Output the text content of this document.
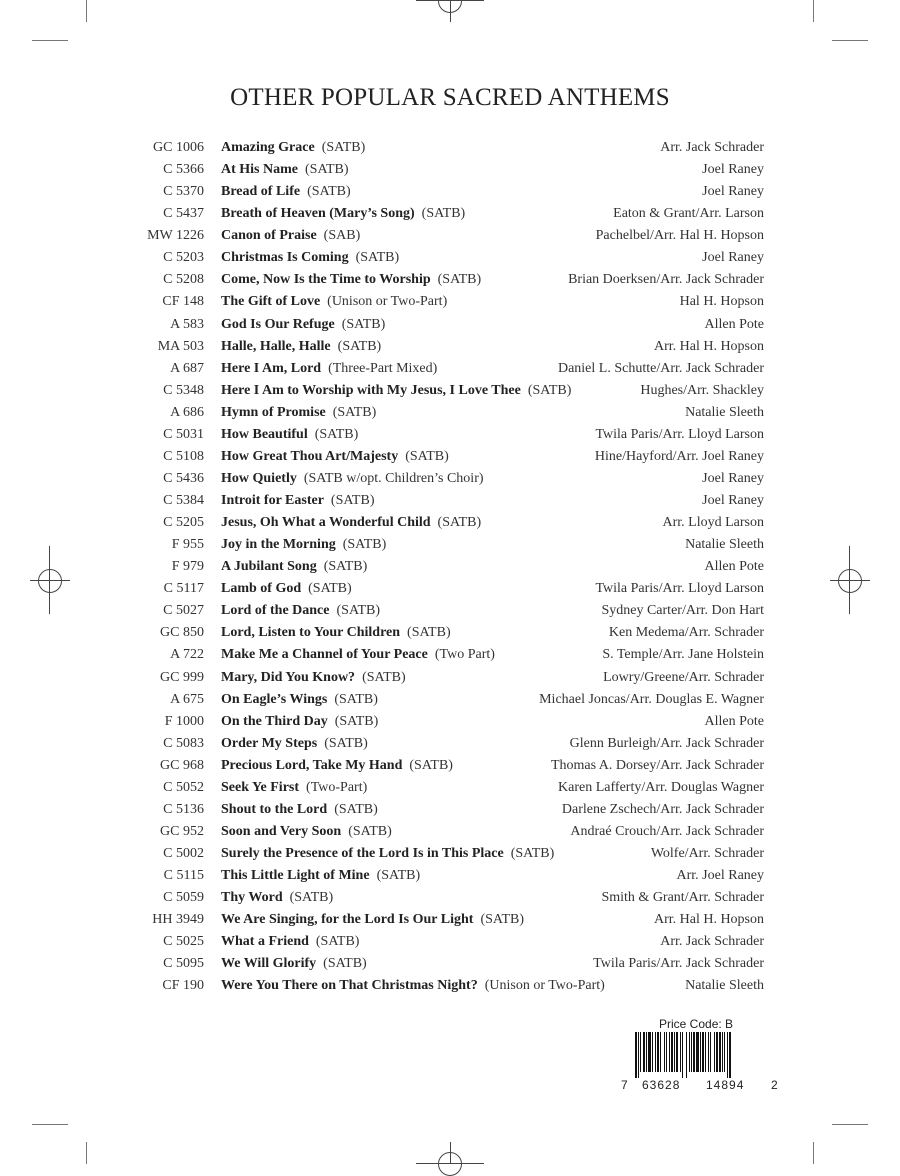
OTHER POPULAR SACRED ANTHEMS
GC 1006 Amazing Grace (SATB)	Arr. Jack Schrader
C 5366 At His Name (SATB)	Joel Raney
C 5370 Bread of Life (SATB)	Joel Raney
C 5437 Breath of Heaven (Mary’s Song) (SATB)	Eaton & Grant/Arr. Larson
MW 1226 Canon of Praise (SAB)	Pachelbel/Arr. Hal H. Hopson
C 5203 Christmas Is Coming (SATB)	Joel Raney
C 5208 Come, Now Is the Time to Worship (SATB)	Brian Doerksen/Arr. Jack Schrader
CF 148 The Gift of Love (Unison or Two-Part)	Hal H. Hopson
A 583 God Is Our Refuge (SATB)	Allen Pote
MA 503 Halle, Halle, Halle (SATB)	Arr. Hal H. Hopson
A 687 Here I Am, Lord (Three-Part Mixed)	Daniel L. Schutte/Arr. Jack Schrader
C 5348 Here I Am to Worship with My Jesus, I Love Thee (SATB)	Hughes/Arr. Shackley
A 686 Hymn of Promise (SATB)	Natalie Sleeth
C 5031 How Beautiful (SATB)	Twila Paris/Arr. Lloyd Larson
C 5108 How Great Thou Art/Majesty (SATB)	Hine/Hayford/Arr. Joel Raney
C 5436 How Quietly (SATB w/opt. Children’s Choir)	Joel Raney
C 5384 Introit for Easter (SATB)	Joel Raney
C 5205 Jesus, Oh What a Wonderful Child (SATB)	Arr. Lloyd Larson
F 955 Joy in the Morning (SATB)	Natalie Sleeth
F 979 A Jubilant Song (SATB)	Allen Pote
C 5117 Lamb of God (SATB)	Twila Paris/Arr. Lloyd Larson
C 5027 Lord of the Dance (SATB)	Sydney Carter/Arr. Don Hart
GC 850 Lord, Listen to Your Children (SATB)	Ken Medema/Arr. Schrader
A 722 Make Me a Channel of Your Peace (Two Part)	S. Temple/Arr. Jane Holstein
GC 999 Mary, Did You Know? (SATB)	Lowry/Greene/Arr. Schrader
A 675 On Eagle’s Wings (SATB)	Michael Joncas/Arr. Douglas E. Wagner
F 1000 On the Third Day (SATB)	Allen Pote
C 5083 Order My Steps (SATB)	Glenn Burleigh/Arr. Jack Schrader
GC 968 Precious Lord, Take My Hand (SATB)	Thomas A. Dorsey/Arr. Jack Schrader
C 5052 Seek Ye First (Two-Part)	Karen Lafferty/Arr. Douglas Wagner
C 5136 Shout to the Lord (SATB)	Darlene Zschech/Arr. Jack Schrader
GC 952 Soon and Very Soon (SATB)	Andraé Crouch/Arr. Jack Schrader
C 5002 Surely the Presence of the Lord Is in This Place (SATB)	Wolfe/Arr. Schrader
C 5115 This Little Light of Mine (SATB)	Arr. Joel Raney
C 5059 Thy Word (SATB)	Smith & Grant/Arr. Schrader
HH 3949 We Are Singing, for the Lord Is Our Light (SATB)	Arr. Hal H. Hopson
C 5025 What a Friend (SATB)	Arr. Jack Schrader
C 5095 We Will Glorify (SATB)	Twila Paris/Arr. Jack Schrader
CF 190 Were You There on That Christmas Night? (Unison or Two-Part)	Natalie Sleeth
Price Code: B
7 63628 14894 2
